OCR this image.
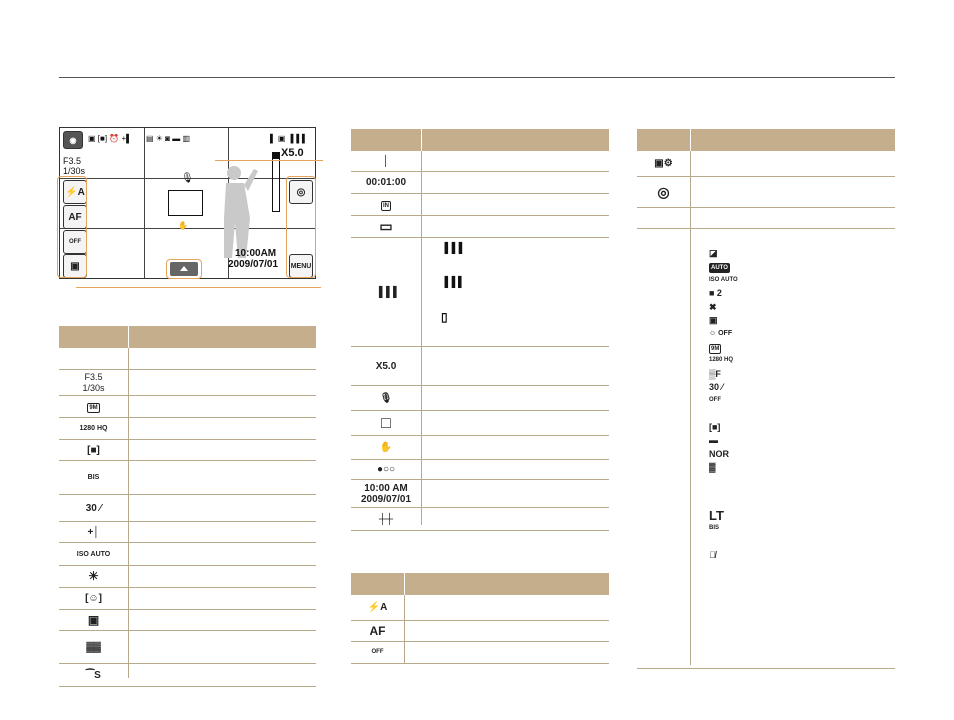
◉	▣ [■] ⏰ +▌ ▤ ☀ ◙ ▬ ▥	▌ ▣ ▐▐▐
F3.5
1/30s
X5.0
🎙
✋
⚡A
AF
OFF
▣
◎
MENU
10:00AM
2009/07/01
F3.5
1/30s
9M
1280 HQ
[■]
BIS
30 ⁄
+│
ISO AUTO
☀
[☺]
▣
▓▓
⁀S
│
00:01:00
IN
▭
▐▐▐
▐▐▐
▐▐ ▌
▯
X5.0
🎙
□
✋
●○○
10:00 AM
2009/07/01
┼┼
⚡A
AF
OFF
▣⚙
◎
◪
AUTO
ISO AUTO
■ 2
✖
▣
☺ OFF
9M
1280 HQ
▒F
30 ⁄
OFF
[■]
▬
NOR
▓
LT
BIS
🎙̸
